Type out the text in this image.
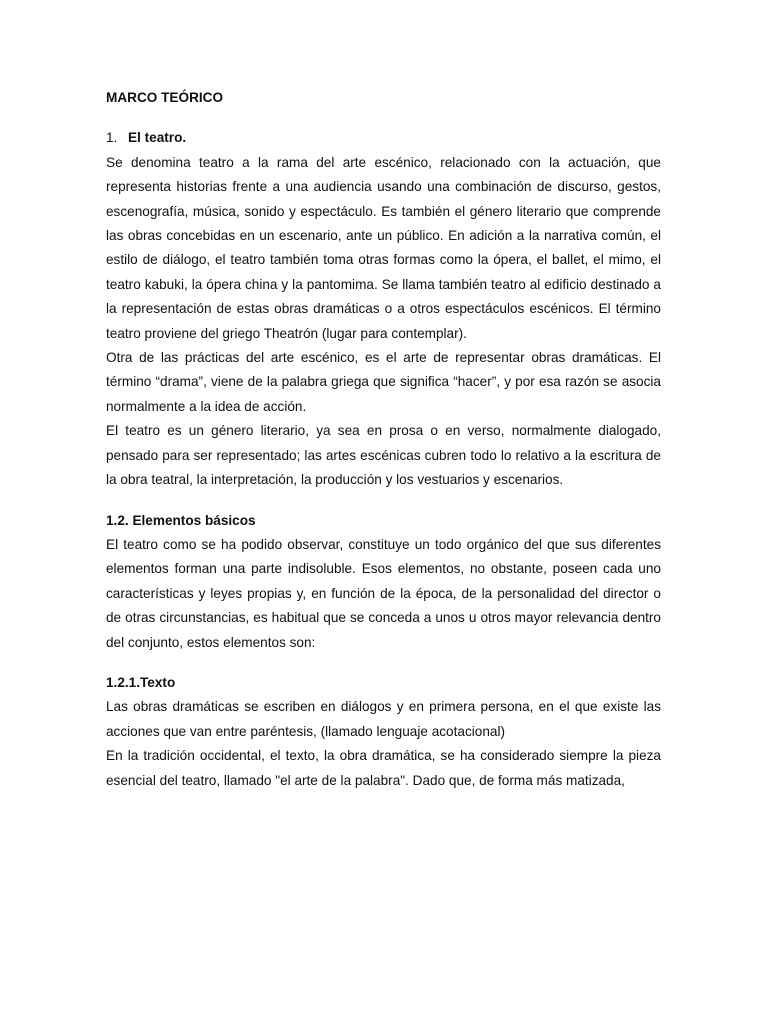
MARCO TEÓRICO
1. El teatro.

Se denomina teatro a la rama del arte escénico, relacionado con la actuación, que representa historias frente a una audiencia usando una combinación de discurso, gestos, escenografía, música, sonido y espectáculo. Es también el género literario que comprende las obras concebidas en un escenario, ante un público. En adición a la narrativa común, el estilo de diálogo, el teatro también toma otras formas como la ópera, el ballet, el mimo, el teatro kabuki, la ópera china y la pantomima. Se llama también teatro al edificio destinado a la representación de estas obras dramáticas o a otros espectáculos escénicos. El término teatro proviene del griego Theatrón (lugar para contemplar).

Otra de las prácticas del arte escénico, es el arte de representar obras dramáticas. El término “drama”, viene de la palabra griega que significa “hacer”, y por esa razón se asocia normalmente a la idea de acción.

El teatro es un género literario, ya sea en prosa o en verso, normalmente dialogado, pensado para ser representado; las artes escénicas cubren todo lo relativo a la escritura de la obra teatral, la interpretación, la producción y los vestuarios y escenarios.

1.2. Elementos básicos

El teatro como se ha podido observar, constituye un todo orgánico del que sus diferentes elementos forman una parte indisoluble. Esos elementos, no obstante, poseen cada uno características y leyes propias y, en función de la época, de la personalidad del director o de otras circunstancias, es habitual que se conceda a unos u otros mayor relevancia dentro del conjunto, estos elementos son:

1.2.1.Texto

Las obras dramáticas se escriben en diálogos y en primera persona, en el que existe las acciones que van entre paréntesis, (llamado lenguaje acotacional)

En la tradición occidental, el texto, la obra dramática, se ha considerado siempre la pieza esencial del teatro, llamado "el arte de la palabra". Dado que, de forma más matizada,
